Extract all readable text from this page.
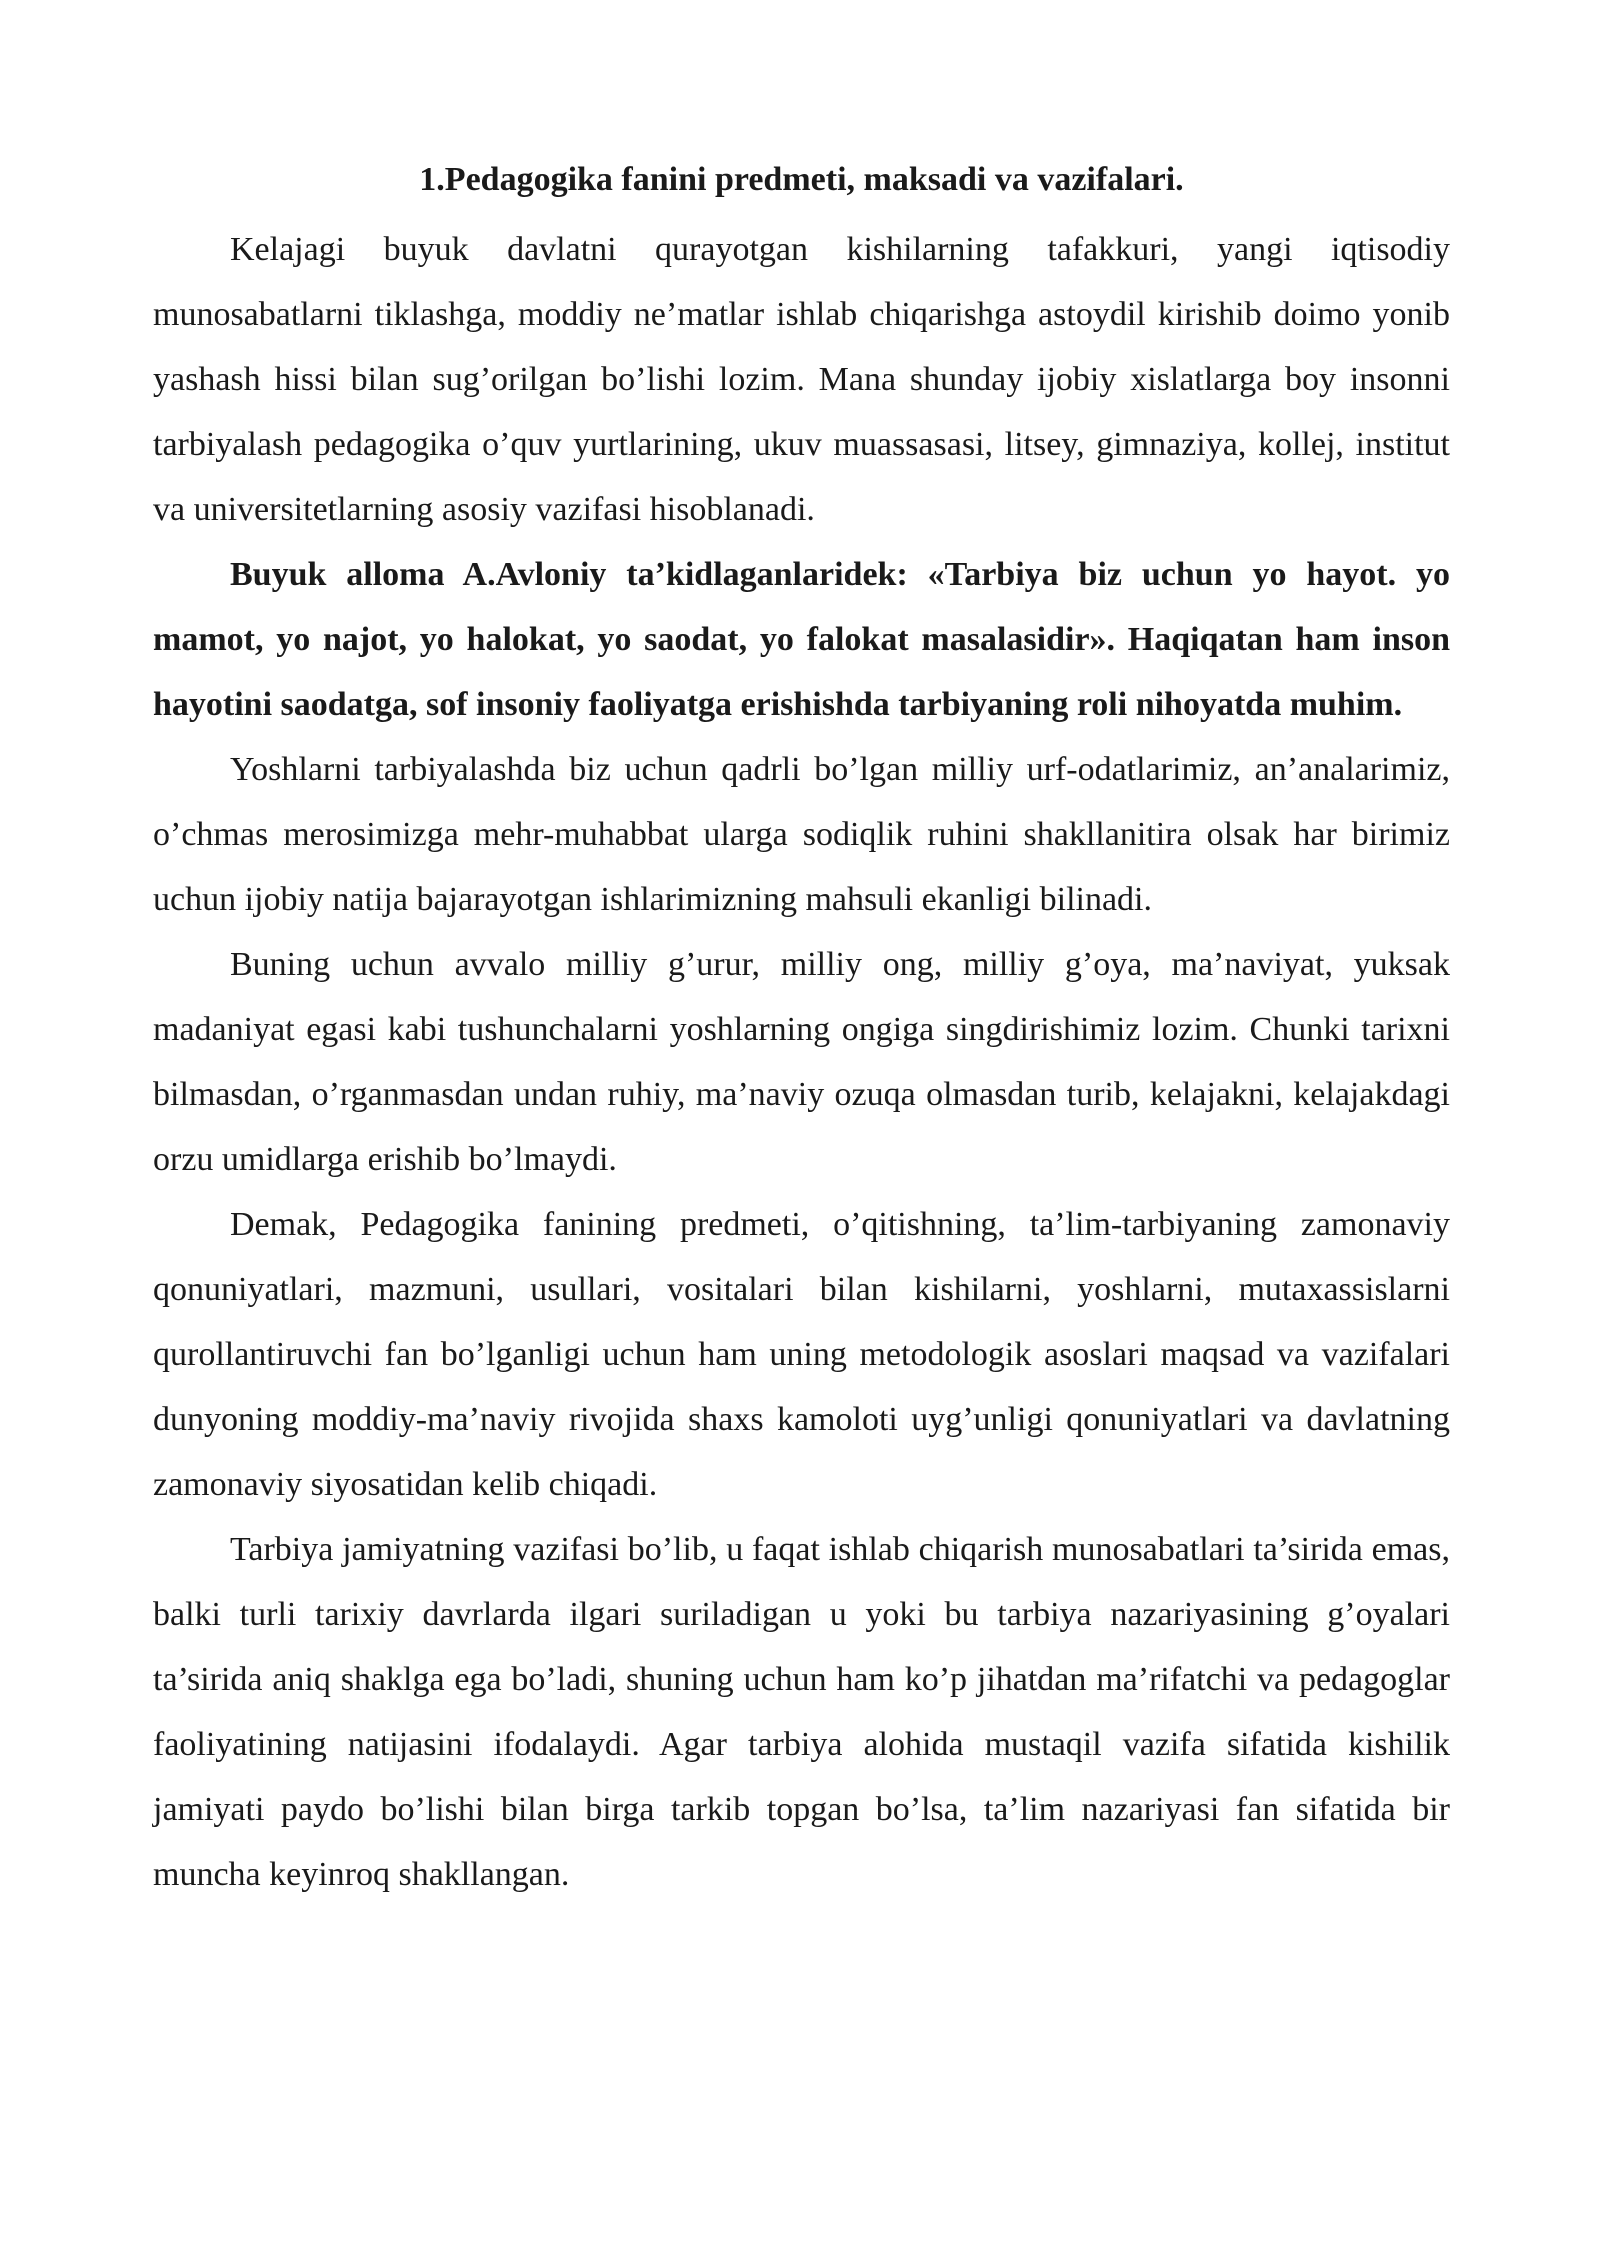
1.Pedagogika fanini predmeti, maksadi va vazifalari.

Kelajagi buyuk davlatni qurayotgan kishilarning tafakkuri, yangi iqtisodiy munosabatlarni tiklashga, moddiy ne’matlar ishlab chiqarishga astoydil kirishib doimo yonib yashash hissi bilan sug’orilgan bo’lishi lozim. Mana shunday ijobiy xislatlarga boy insonni tarbiyalash pedagogika o’quv yurtlarining, ukuv muassasasi, litsey, gimnaziya, kollej, institut va universitetlarning asosiy vazifasi hisoblanadi.

Buyuk alloma A.Avloniy ta’kidlaganlaridek: «Tarbiya biz uchun yo hayot. yo mamot, yo najot, yo halokat, yo saodat, yo falokat masalasidir». Haqiqatan ham inson hayotini saodatga, sof insoniy faoliyatga erishishda tarbiyaning roli nihoyatda muhim.

Yoshlarni tarbiyalashda biz uchun qadrli bo’lgan milliy urf-odatlarimiz, an’analarimiz, o’chmas merosimizga mehr-muhabbat ularga sodiqlik ruhini shakllanitira olsak har birimiz uchun ijobiy natija bajarayotgan ishlarimizning mahsuli ekanligi bilinadi.

Buning uchun avvalo milliy g’urur, milliy ong, milliy g’oya, ma’naviyat, yuksak madaniyat egasi kabi tushunchalarni yoshlarning ongiga singdirishimiz lozim. Chunki tarixni bilmasdan, o’rganmasdan undan ruhiy, ma’naviy ozuqa olmasdan turib, kelajakni, kelajakdagi orzu umidlarga erishib bo’lmaydi.

Demak, Pedagogika fanining predmeti, o’qitishning, ta’lim-tarbiyaning zamonaviy qonuniyatlari, mazmuni, usullari, vositalari bilan kishilarni, yoshlarni, mutaxassislarni qurollantiruvchi fan bo’lganligi uchun ham uning metodologik asoslari maqsad va vazifalari dunyoning moddiy-ma’naviy rivojida shaxs kamoloti uyg’unligi qonuniyatlari va davlatning zamonaviy siyosatidan kelib chiqadi.

Tarbiya jamiyatning vazifasi bo’lib, u faqat ishlab chiqarish munosabatlari ta’sirida emas, balki turli tarixiy davrlarda ilgari suriladigan u yoki bu tarbiya nazariyasining g’oyalari ta’sirida aniq shaklga ega bo’ladi, shuning uchun ham ko’p jihatdan ma’rifatchi va pedagoglar faoliyatining natijasini ifodalaydi. Agar tarbiya alohida mustaqil vazifa sifatida kishilik jamiyati paydo bo’lishi bilan birga tarkib topgan bo’lsa, ta’lim nazariyasi fan sifatida bir muncha keyinroq shakllangan.
